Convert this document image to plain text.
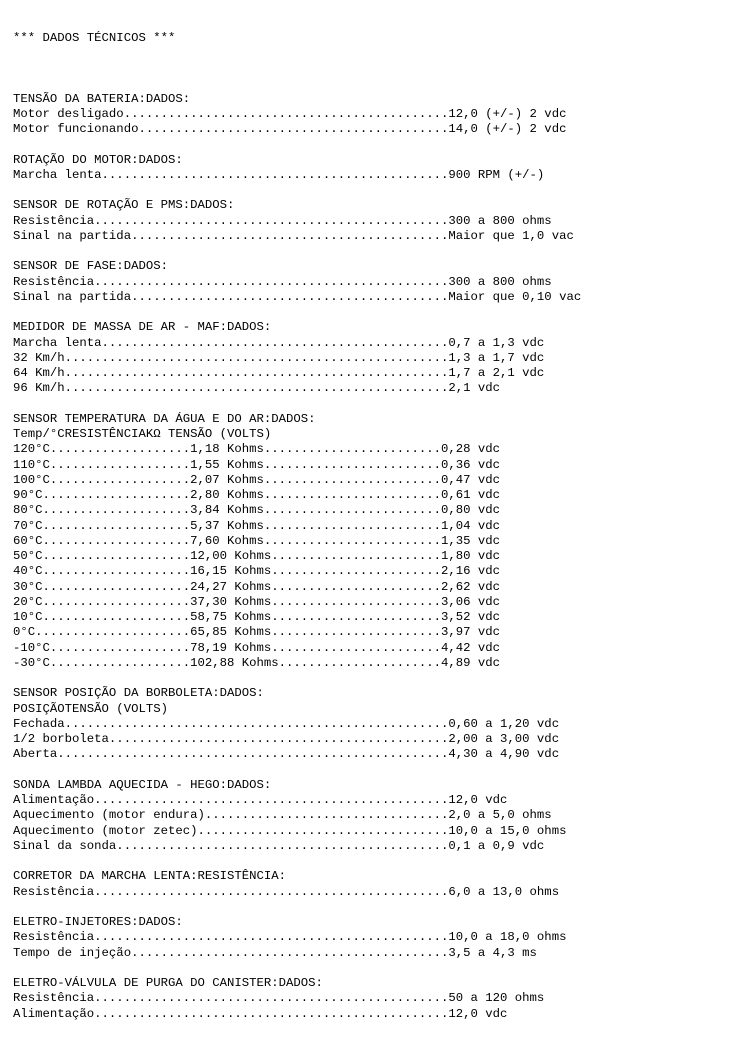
*** DADOS TÉCNICOS ***

TENSÃO DA BATERIA:DADOS:
Motor desligado............................................12,0 (+/-) 2 vdc
Motor funcionando..........................................14,0 (+/-) 2 vdc
ROTAÇÃO DO MOTOR:DADOS:
Marcha lenta...............................................900 RPM (+/-)
SENSOR DE ROTAÇÃO E PMS:DADOS:
Resistência................................................300 a 800 ohms
Sinal na partida...........................................Maior que 1,0 vac
SENSOR DE FASE:DADOS:
Resistência................................................300 a 800 ohms
Sinal na partida...........................................Maior que 0,10 vac
MEDIDOR DE MASSA DE AR - MAF:DADOS:
Marcha lenta...............................................0,7 a 1,3 vdc
32 Km/h....................................................1,3 a 1,7 vdc
64 Km/h....................................................1,7 a 2,1 vdc
96 Km/h....................................................2,1 vdc
SENSOR TEMPERATURA DA ÁGUA E DO AR:DADOS:
Temp/°CRESISTÊNCIAKΩ TENSÃO (VOLTS)
120°C...................1,18 Kohms........................0,28 vdc
110°C...................1,55 Kohms........................0,36 vdc
100°C...................2,07 Kohms........................0,47 vdc
90°C....................2,80 Kohms........................0,61 vdc
80°C....................3,84 Kohms........................0,80 vdc
70°C....................5,37 Kohms........................1,04 vdc
60°C....................7,60 Kohms........................1,35 vdc
50°C....................12,00 Kohms.......................1,80 vdc
40°C....................16,15 Kohms.......................2,16 vdc
30°C....................24,27 Kohms.......................2,62 vdc
20°C....................37,30 Kohms.......................3,06 vdc
10°C....................58,75 Kohms.......................3,52 vdc
0°C.....................65,85 Kohms.......................3,97 vdc
-10°C...................78,19 Kohms.......................4,42 vdc
-30°C...................102,88 Kohms......................4,89 vdc
SENSOR POSIÇÃO DA BORBOLETA:DADOS:
POSIÇÃOTENSÃO (VOLTS)
Fechada....................................................0,60 a 1,20 vdc
1/2 borboleta..............................................2,00 a 3,00 vdc
Aberta.....................................................4,30 a 4,90 vdc
SONDA LAMBDA AQUECIDA - HEGO:DADOS:
Alimentação................................................12,0 vdc
Aquecimento (motor endura).................................2,0 a 5,0 ohms
Aquecimento (motor zetec)..................................10,0 a 15,0 ohms
Sinal da sonda.............................................0,1 a 0,9 vdc
CORRETOR DA MARCHA LENTA:RESISTÊNCIA:
Resistência................................................6,0 a 13,0 ohms
ELETRO-INJETORES:DADOS:
Resistência................................................10,0 a 18,0 ohms
Tempo de injeção...........................................3,5 a 4,3 ms
ELETRO-VÁLVULA DE PURGA DO CANISTER:DADOS:
Resistência................................................50 a 120 ohms
Alimentação................................................12,0 vdc
